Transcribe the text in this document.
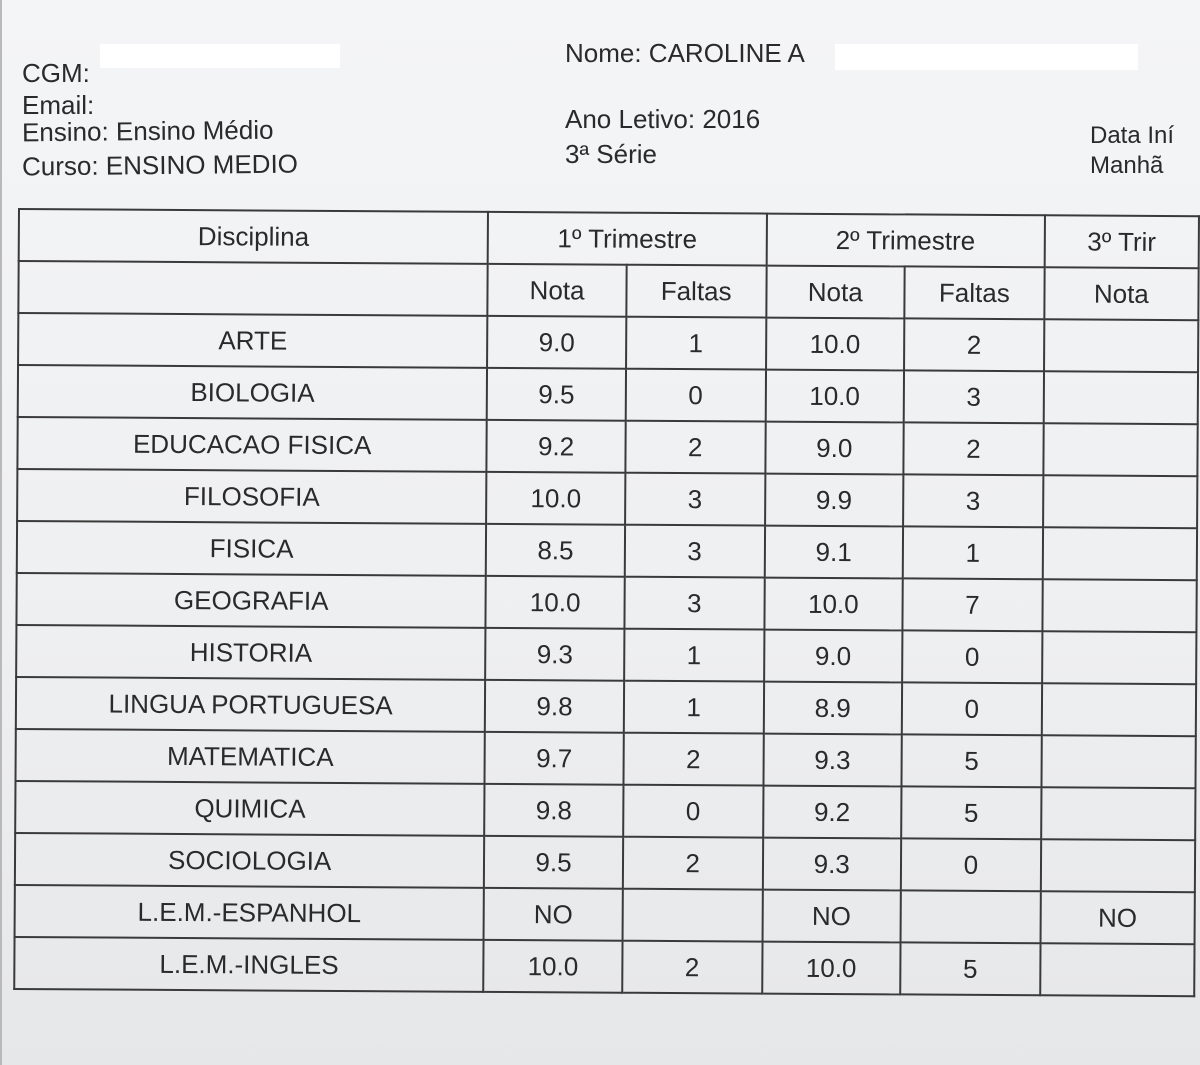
CGM:
Email:
Ensino: Ensino Médio
Curso: ENSINO MEDIO
Nome: CAROLINE A
Ano Letivo: 2016
3ª Série
Data Iní
Manhã
Disciplina	1º Trimestre		2º Trimestre		3º Trir
	Nota	Faltas	Nota	Faltas	Nota
ARTE	9.0	1	10.0	2	
BIOLOGIA	9.5	0	10.0	3	
EDUCACAO FISICA	9.2	2	9.0	2	
FILOSOFIA	10.0	3	9.9	3	
FISICA	8.5	3	9.1	1	
GEOGRAFIA	10.0	3	10.0	7	
HISTORIA	9.3	1	9.0	0	
LINGUA PORTUGUESA	9.8	1	8.9	0	
MATEMATICA	9.7	2	9.3	5	
QUIMICA	9.8	0	9.2	5	
SOCIOLOGIA	9.5	2	9.3	0	
L.E.M.-ESPANHOL	NO		NO		NO
L.E.M.-INGLES	10.0	2	10.0	5	
